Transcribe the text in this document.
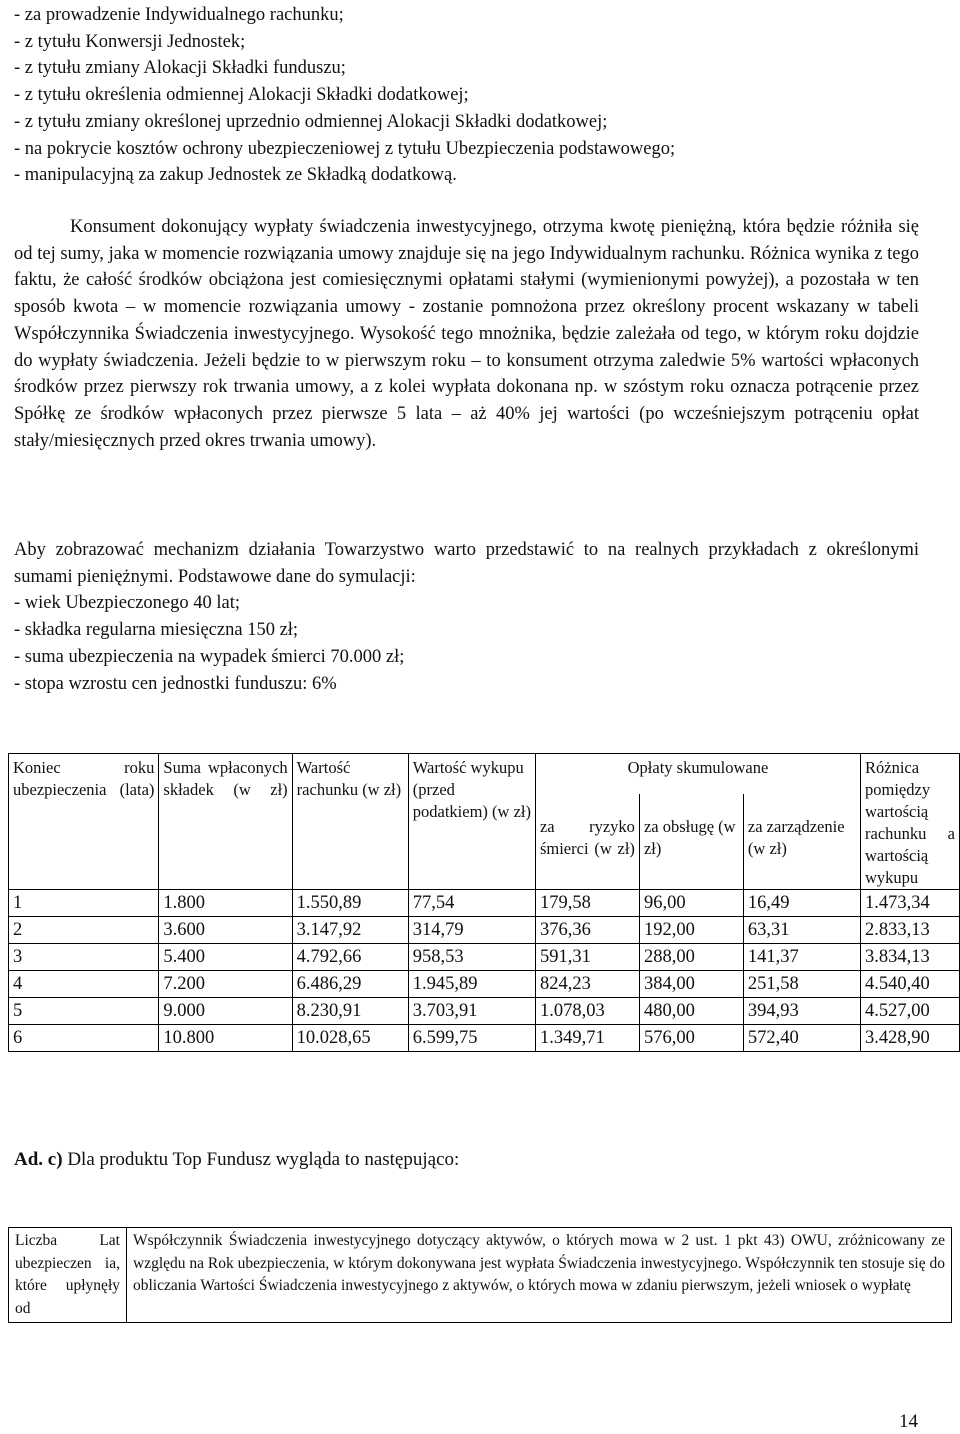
- za prowadzenie Indywidualnego rachunku;
- z tytułu Konwersji Jednostek;
- z tytułu zmiany Alokacji Składki funduszu;
- z tytułu określenia odmiennej Alokacji Składki dodatkowej;
- z tytułu zmiany określonej uprzednio odmiennej Alokacji Składki dodatkowej;
- na pokrycie kosztów ochrony ubezpieczeniowej z tytułu Ubezpieczenia podstawowego;
- manipulacyjną za zakup Jednostek ze Składką dodatkową.
Konsument dokonujący wypłaty świadczenia inwestycyjnego, otrzyma kwotę pieniężną, która będzie różniła się od tej sumy, jaka w momencie rozwiązania umowy znajduje się na jego Indywidualnym rachunku. Różnica wynika z tego faktu, że całość środków obciążona jest comiesięcznymi opłatami stałymi (wymienionymi powyżej), a pozostała w ten sposób kwota – w momencie rozwiązania umowy - zostanie pomnożona przez określony procent wskazany w tabeli Współczynnika Świadczenia inwestycyjnego. Wysokość tego mnożnika, będzie zależała od tego, w którym roku dojdzie do wypłaty świadczenia. Jeżeli będzie to w pierwszym roku – to konsument otrzyma zaledwie 5% wartości wpłaconych środków przez pierwszy rok trwania umowy, a z kolei wypłata dokonana np. w szóstym roku oznacza potrącenie przez Spółkę ze środków wpłaconych przez pierwsze 5 lata – aż 40% jej wartości (po wcześniejszym potrąceniu opłat stały/miesięcznych przed okres trwania umowy).
Aby zobrazować mechanizm działania Towarzystwo warto przedstawić to na realnych przykładach z określonymi sumami pieniężnymi. Podstawowe dane do symulacji:
- wiek Ubezpieczonego 40 lat;
- składka regularna miesięczna 150 zł;
- suma ubezpieczenia na wypadek śmierci 70.000 zł;
- stopa wzrostu cen jednostki funduszu: 6%
Koniec roku ubezpieczenia (lata)	Suma wpłaconych składek (w zł)	Wartość rachunku (w zł)	Wartość wykupu (przed podatkiem) (w zł)	Opłaty skumulowane			Różnica pomiędzy wartością rachunku a wartością wykupu
				za ryzyko śmierci (w zł)	za obsługę (w zł)	za zarządzenie (w zł)	
1	1.800	1.550,89	77,54	179,58	96,00	16,49	1.473,34
2	3.600	3.147,92	314,79	376,36	192,00	63,31	2.833,13
3	5.400	4.792,66	958,53	591,31	288,00	141,37	3.834,13
4	7.200	6.486,29	1.945,89	824,23	384,00	251,58	4.540,40
5	9.000	8.230,91	3.703,91	1.078,03	480,00	394,93	4.527,00
6	10.800	10.028,65	6.599,75	1.349,71	576,00	572,40	3.428,90
Ad. c) Dla produktu Top Fundusz wygląda to następująco:
Liczba Lat ubezpieczen ia, które upłynęły od	Współczynnik Świadczenia inwestycyjnego dotyczący aktywów, o których mowa w 2 ust. 1 pkt 43) OWU, zróżnicowany ze względu na Rok ubezpieczenia, w którym dokonywana jest wypłata Świadczenia inwestycyjnego. Współczynnik ten stosuje się do obliczania Wartości Świadczenia inwestycyjnego z aktywów, o których mowa w zdaniu pierwszym, jeżeli wniosek o wypłatę
14
